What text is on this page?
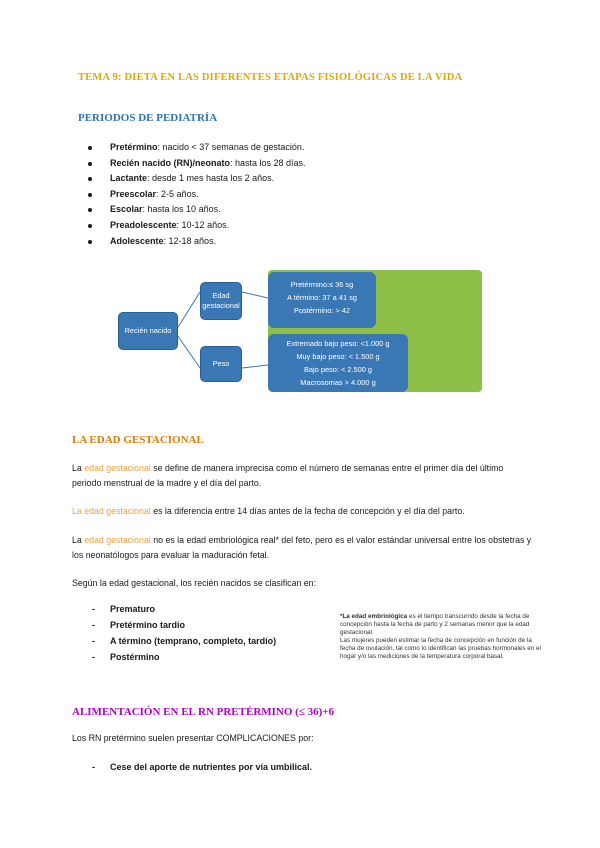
TEMA 9: DIETA EN LAS DIFERENTES ETAPAS FISIOLÓGICAS DE LA VIDA
PERIODOS DE PEDIATRÍA
Pretérmino: nacido < 37 semanas de gestación.
Recién nacido (RN)/neonato: hasta los 28 días.
Lactante: desde 1 mes hasta los 2 años.
Preescolar: 2-5 años.
Escolar: hasta los 10 años.
Preadolescente: 10-12 años.
Adolescente: 12-18 años.
Recién nacido
Edad gestacional
Peso
Pretérmino:≤ 36 sg
A término: 37 a 41 sg
Postérmino: > 42
Extremado bajo peso: <1.000 g
Muy bajo peso: < 1.500 g
Bajo peso: < 2.500 g
Macrosomas > 4.000 g
LA EDAD GESTACIONAL
La edad gestacional se define de manera imprecisa como el número de semanas entre el primer día del último periodo menstrual de la madre y el día del parto.
La edad gestacional es la diferencia entre 14 días antes de la fecha de concepción y el día del parto.
La edad gestacional no es la edad embriológica real* del feto, pero es el valor estándar universal entre los obstetras y los neonatólogos para evaluar la maduración fetal.
Según la edad gestacional, los recién nacidos se clasifican en:
- Prematuro
- Pretérmino tardío
- A término (temprano, completo, tardío)
- Postérmino
*La edad embriológica es el tiempo transcurrido desde la fecha de concepción hasta la fecha de parto y 2 semanas menor que la edad gestacional.
Las mujeres pueden estimar la fecha de concepción en función de la fecha de ovulación, tal como lo identifican las pruebas hormonales en el hogar y/o las mediciones de la temperatura corporal basal.
ALIMENTACIÓN EN EL RN PRETÉRMINO (≤ 36)+6
Los RN pretérmino suelen presentar COMPLICACIONES por:
- Cese del aporte de nutrientes por vía umbilical.
